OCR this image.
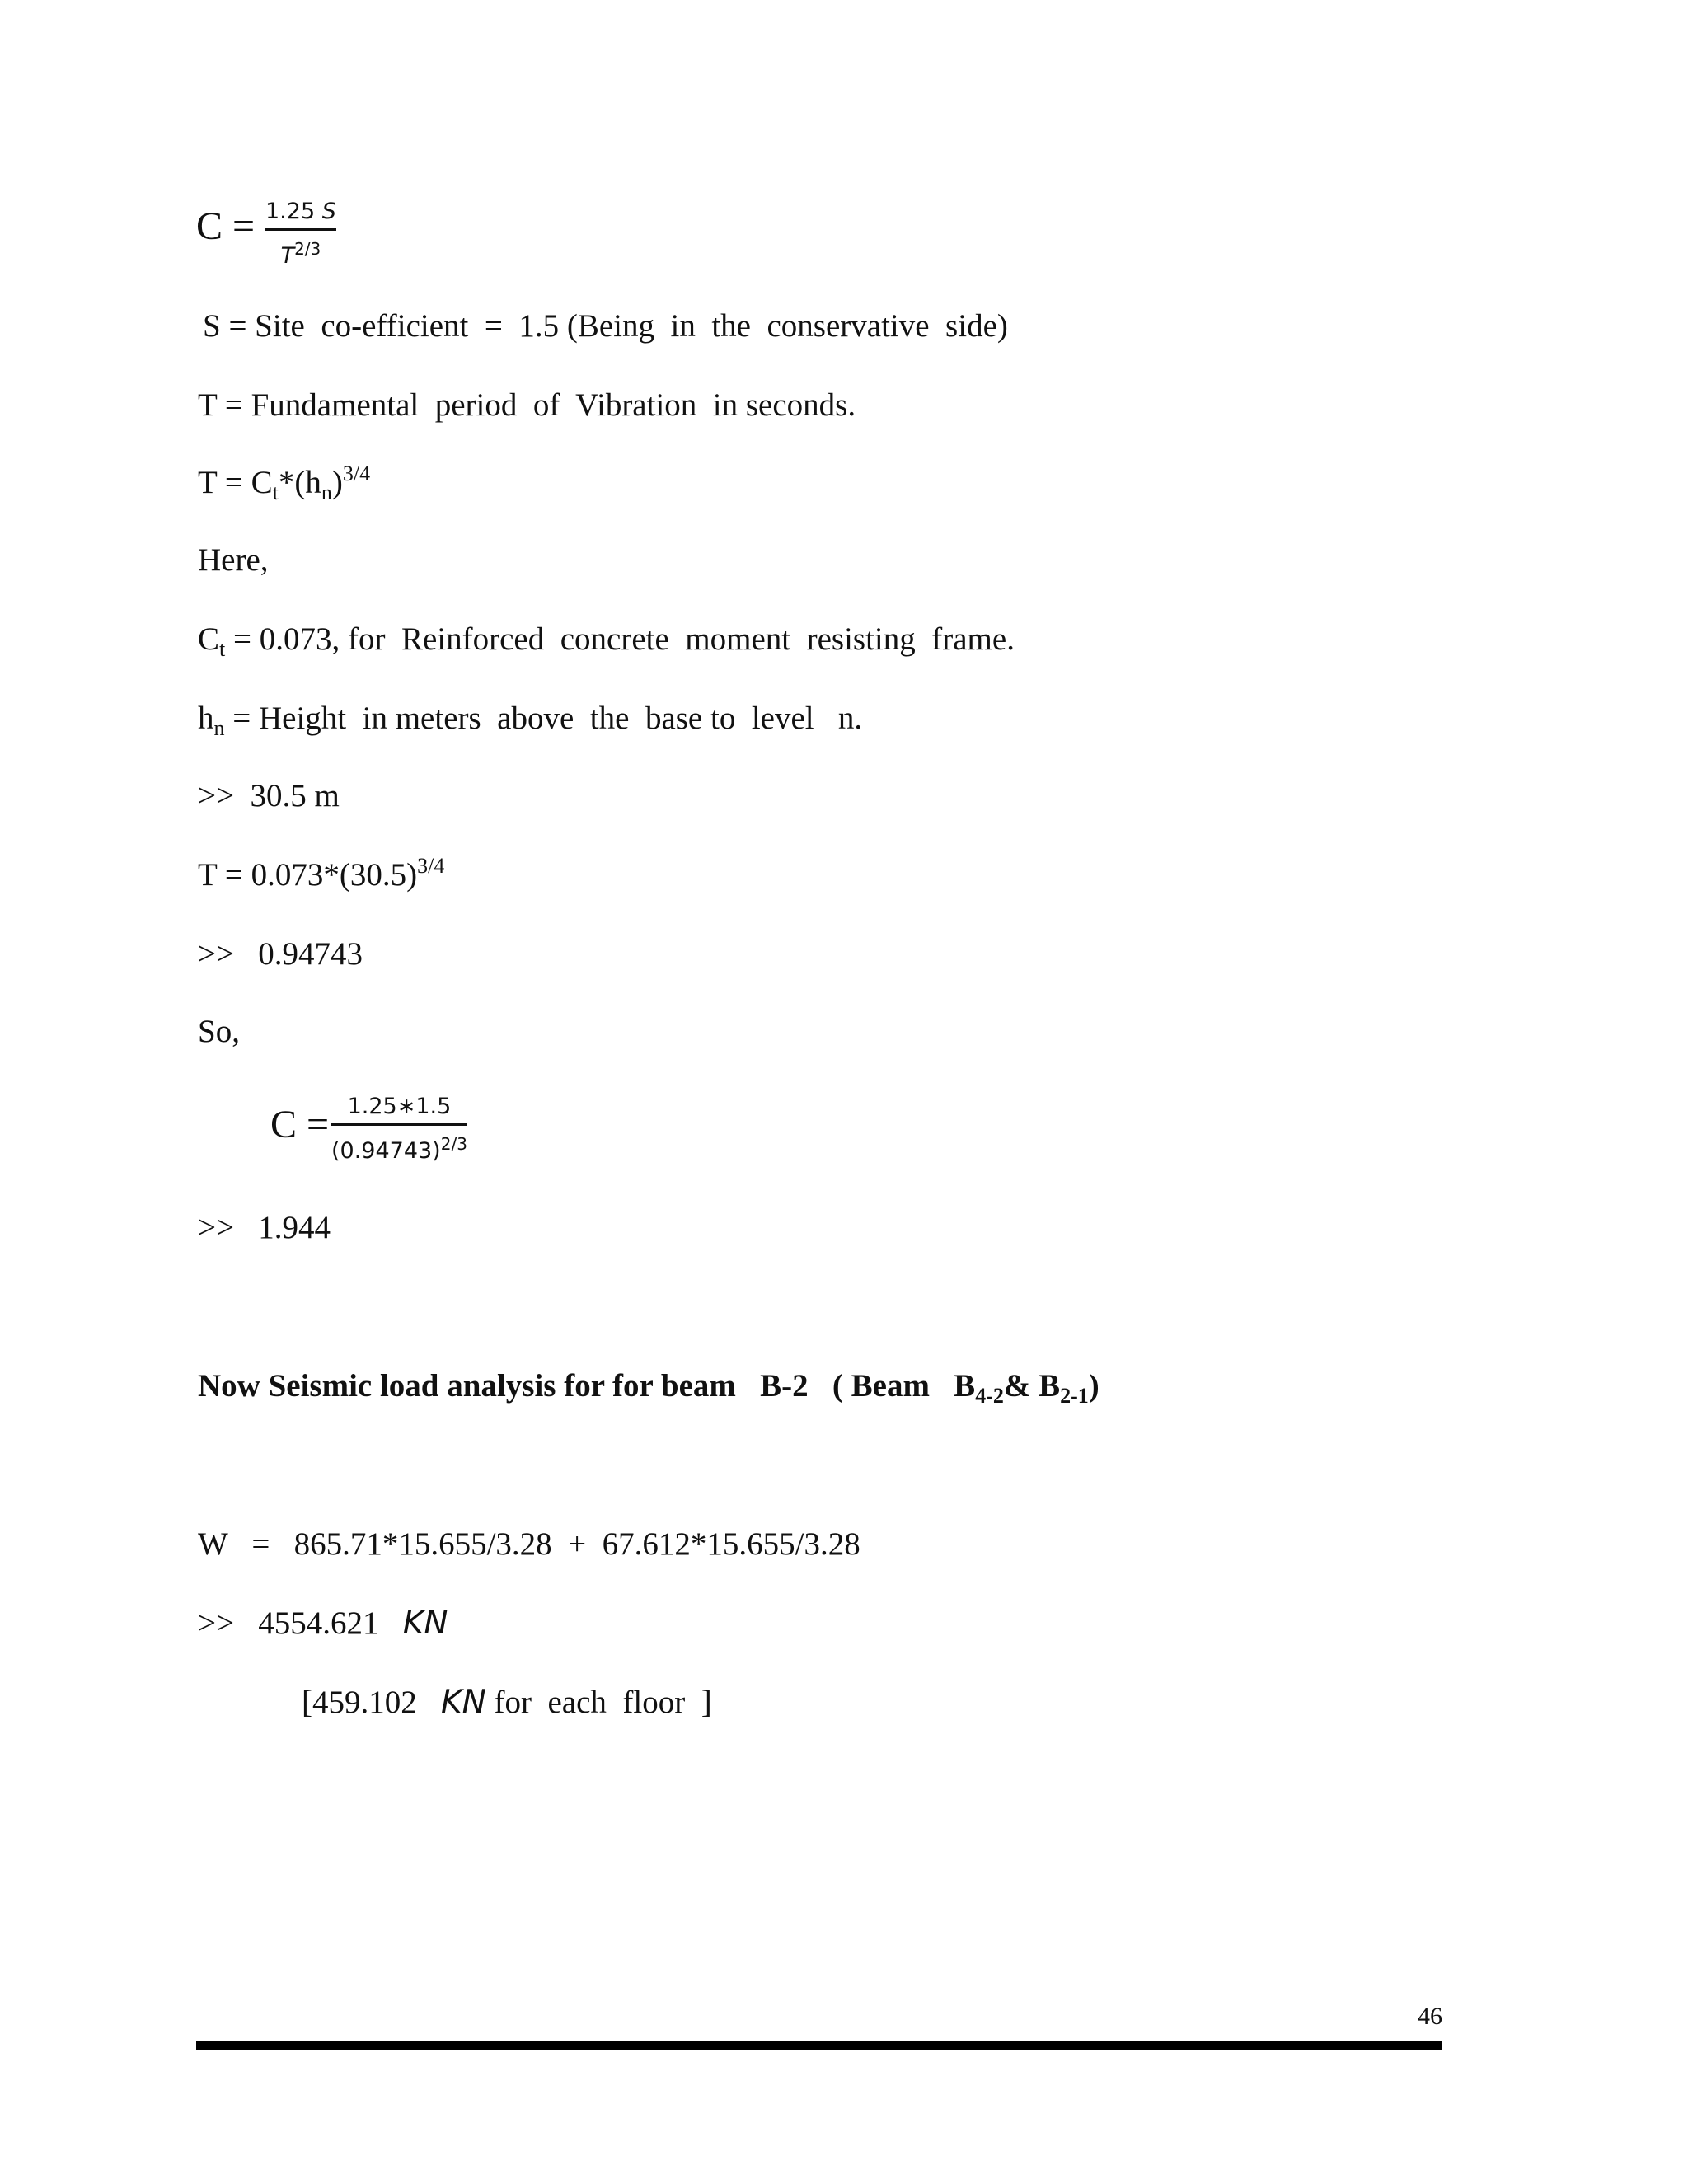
C = 1.25 S
$T^{2/3}$
S = Site  co-efficient  =  1.5 (Being  in  the  conservative  side)
T = Fundamental  period  of  Vibration  in seconds.
$T = C_t*(h_n)^{3/4}$
Here,
$C_t = 0.073$, for  Reinforced  concrete  moment  resisting  frame.
$h_n$ = Height  in meters  above  the  base to  level   n.
>>  30.5 m
$T = 0.073*(30.5)^{3/4}$
>>   0.94743
So,
C = 1.25∗1.5
$(0.94743)^{2/3}$
>>   1.944
Now Seismic load analysis for for beam   B-2   ( Beam   $B_{4-2}\&$ $B_{2-1}$)
W   =   865.71*15.655/3.28  +  67.612*15.655/3.28
>>   4554.621   KN
[459.102   KN for  each  floor  ]
46
